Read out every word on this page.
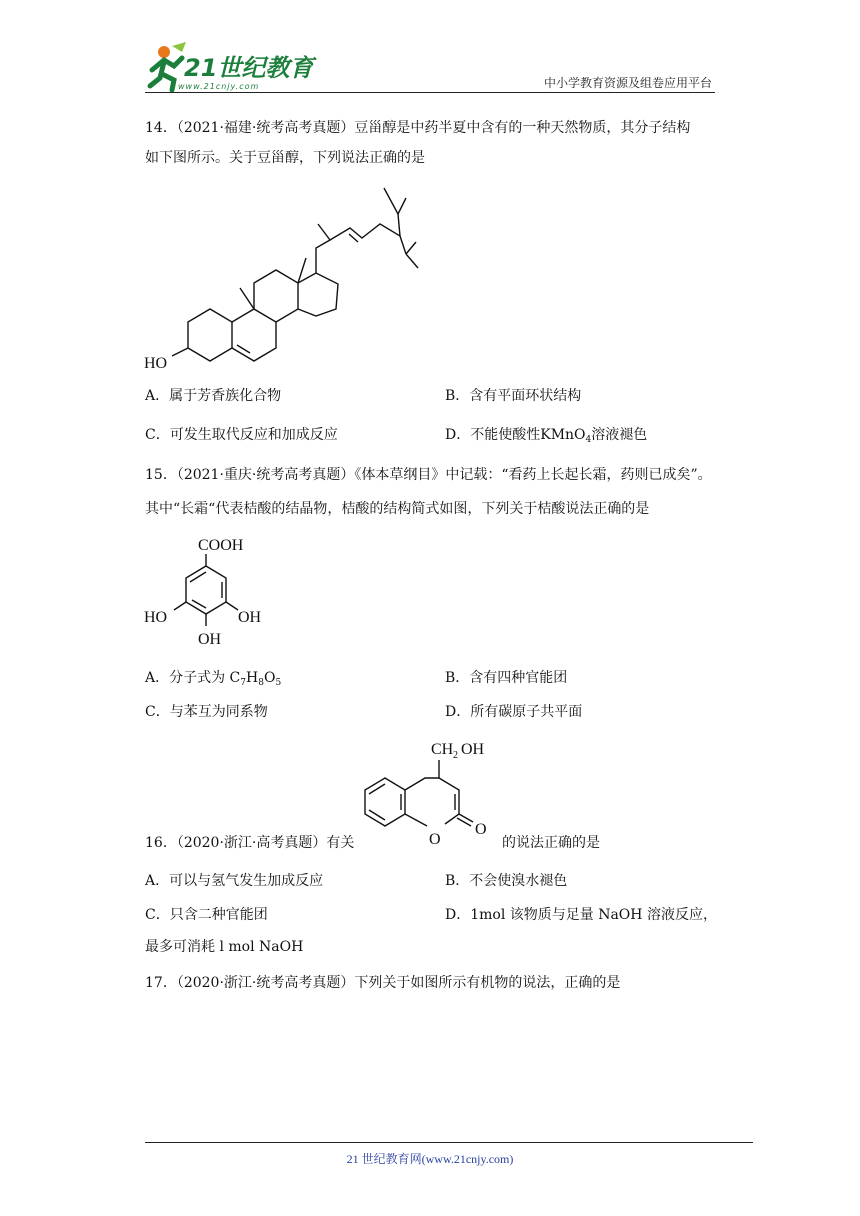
21世纪教育
www.21cnjy.com	中小学教育资源及组卷应用平台
14．（2021·福建·统考高考真题）豆甾醇是中药半夏中含有的一种天然物质，其分子结构
如下图所示。关于豆甾醇，下列说法正确的是
HO
A．属于芳香族化合物	B．含有平面环状结构
C．可发生取代反应和加成反应	D．不能使酸性KMnO$_4$溶液褪色
15．（2021·重庆·统考高考真题）《体本草纲目》中记载：“看药上长起长霜，药则已成矣”。
其中“长霜“代表桔酸的结晶物，桔酸的结构简式如图，下列关于桔酸说法正确的是
COOH
HO	OH
OH
A．分子式为 $C_7H_8O_5$	B．含有四种官能团
C．与苯互为同系物	D．所有碳原子共平面
CH 2 OH
O
O
16．（2020·浙江·高考真题）有关	的说法正确的是
A．可以与氢气发生加成反应	B．不会使溴水褪色
C．只含二种官能团	D．1mol 该物质与足量 NaOH 溶液反应，
最多可消耗 l mol NaOH
17．（2020·浙江·统考高考真题）下列关于如图所示有机物的说法，正确的是
21 世纪教育网(www.21cnjy.com)
